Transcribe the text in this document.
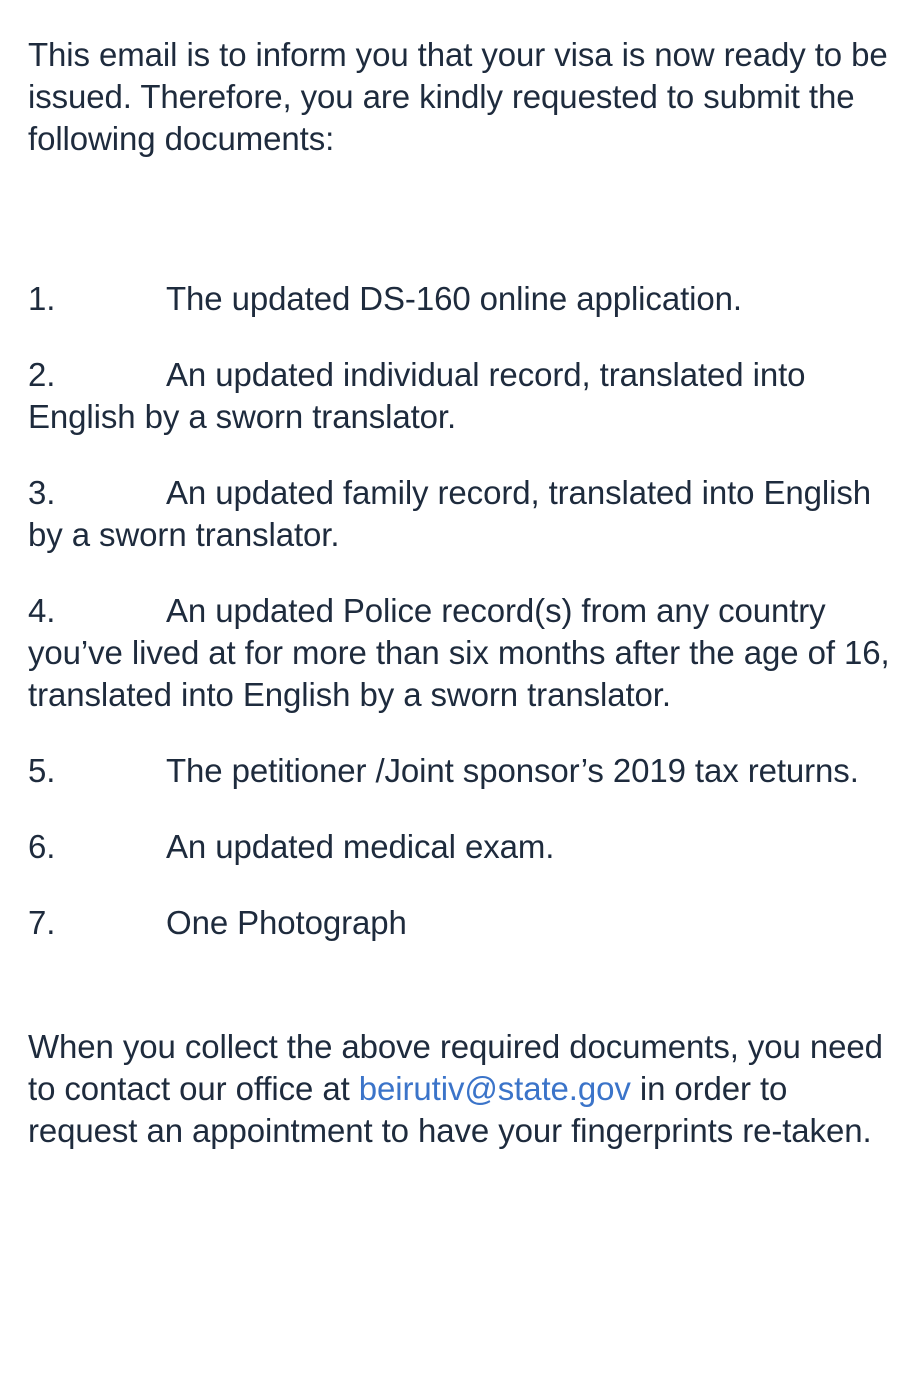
This email is to inform you that your visa is now ready to be issued. Therefore, you are kindly requested to submit the following documents:

1.	The updated DS-160 online application.
2.	An updated individual record, translated into English by a sworn translator.
3.	An updated family record, translated into English by a sworn translator.
4.	An updated Police record(s) from any country you’ve lived at for more than six months after the age of 16, translated into English by a sworn translator.
5.	The petitioner /Joint sponsor’s 2019 tax returns.
6.	An updated medical exam.
7.	One Photograph

When you collect the above required documents, you need to contact our office at beirutiv@state.gov in order to request an appointment to have your fingerprints re-taken.
